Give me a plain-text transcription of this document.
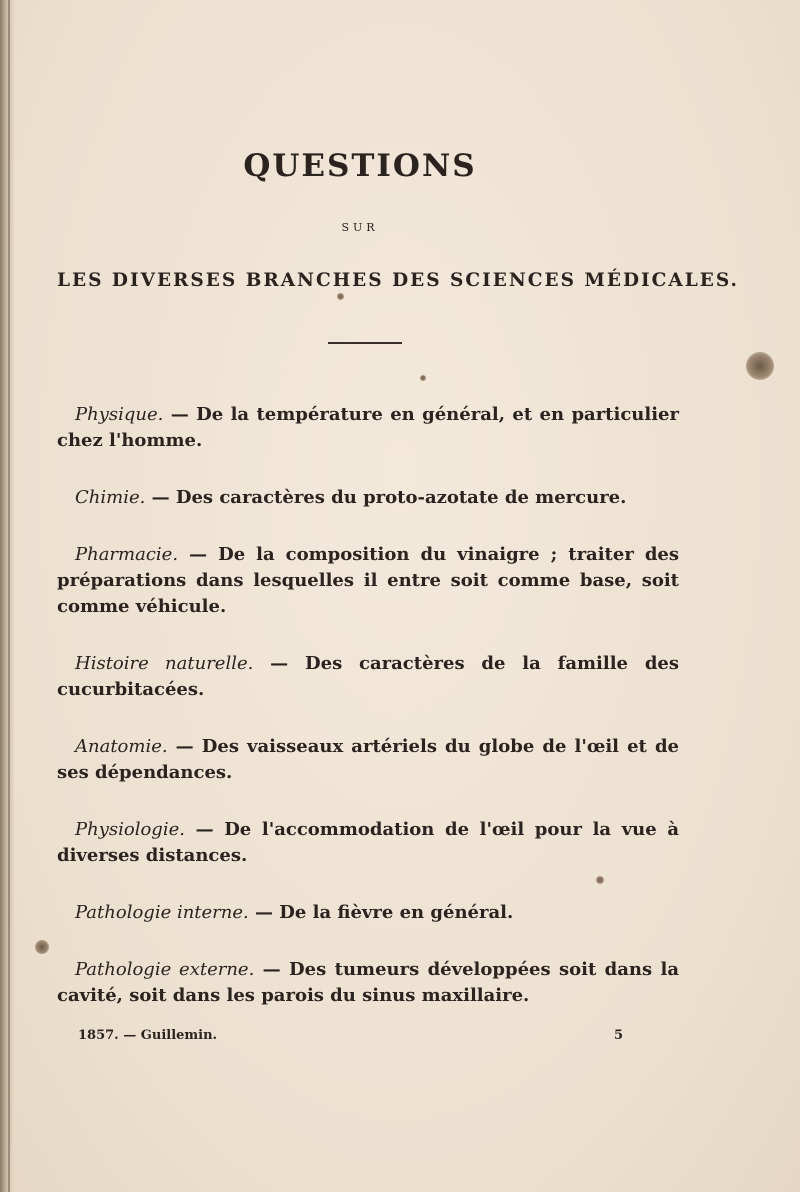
QUESTIONS
SUR
LES DIVERSES BRANCHES DES SCIENCES MÉDICALES.
Physique. — De la température en général, et en particulier chez l'homme.
Chimie. — Des caractères du proto-azotate de mercure.
Pharmacie. — De la composition du vinaigre ; traiter des préparations dans lesquelles il entre soit comme base, soit comme véhicule.
Histoire naturelle. — Des caractères de la famille des cucurbitacées.
Anatomie. — Des vaisseaux artériels du globe de l'œil et de ses dépendances.
Physiologie. — De l'accommodation de l'œil pour la vue à diverses distances.
Pathologie interne. — De la fièvre en général.
Pathologie externe. — Des tumeurs développées soit dans la cavité, soit dans les parois du sinus maxillaire.
1857. — Guillemin.	5
